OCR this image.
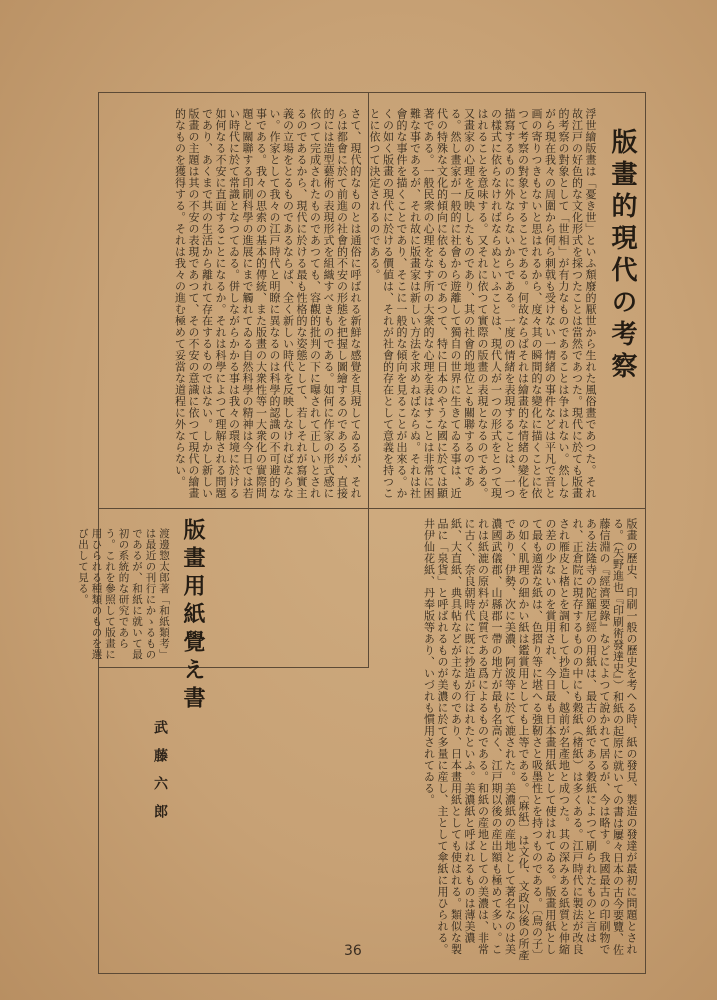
版畫的現代の考察
浮世繪版畫は「憂き世」といふ頽廢的厭世から生れた風俗畫であつた。それ故江戸の好色的な文化形式を採つたことは當然であつた。現代に於ても版畫的考察の對象として「世相」が有力なものであることは争はれない。然しながら現在我々の周圍から何ら刺戟も受けない一情緒の事件などは平凡で音と画の寄りつきもないと思はれるから、度々其の瞬間的な變化に描くことに依つて考察の對象とすることである。何故ならばそれは繪畫的な情緒の變化を描寫するものに外ならないからである。一度の情緒を表現することは、一つの樣式に依らなければならぬといふことは、現代人が一つの形式をとつて現はれることを意味する。又それに依つて實際の版畫の表現となるのである。又畫家の心理を反映したものであり、其の社會的地位とも關聯するのである。然し畫家が一般的に社會から遊離して獨自の世界に生きてゐる事は、近代の特殊な文化的傾向に依るものであつて、特に日本のやうな國に於ては顯著である。一般民衆の心理をなす所の大衆的な心理を表はすことは非常に困難な事であるが、それ故に版畫家は新しい方法を求めねばならぬ。それは社會的な事件を描くことであり、そこに一般的な傾向を見ることが出來る。かくの如く版畫の現代に於ける價値は、それが社會的存在として意義を持つことに依つて決定されるのである。
さて、現代的なものとは通俗に呼ばれる新鮮な感覺を具現してゐるが、それらは都會に於て前進の社會的不安の形態を把握し圖繪するのであるが、直接的には造型藝術の表現形式を組織すべきものである。如何に作家の形式感に依つて完成されたものであつても、容觀的批判の下に曝されて正しいとされるのであるから、現代に於ける最も性格的な姿態として、若しそれが寫實主義の立場をとるものであるならば、全く新しい時代を反映しなければならない。作家として我々の江戸時代と明瞭に異なるのは科學的認識の不可避的な事である。我々の思索の基本的傳統、また版畫の大衆性等一大衆化の實際問題と關聯する印刷科學の進展にまで觸れてゐる自然科學の精神は今日では若い時代に於て常識となつてゐる。併しながらかかる事は我々の環境に於ける如何なる不安に直面することになるか。それは科學によつて理解される問題であり、あくまで其の生活から離れて存在するものではない。しかし新しい版畫の主題は其の不安の表現であつて、その不安の意識に依つて現代の繪畫的なものを獲得する。それは我々の進む極めて妥當な道程に外ならない。
版畫用紙覺え書
武藤六郎
渡邊惣太郎著「和紙類考」は最近の刊行にかゝるものであるが、和紙に就いて最初の系統的な研究であらう。これを參照して版畫に用ひられる種類のものを選び出して見る。	版畫の歷史、印刷一般の歷史を考へる時、紙の發見、製造の發達が最初に問題とされる。（矢野進也『印刷術發達史』）和紙の起原に就いての書は屢々日本の古今要覽、佐藤信淵の『經濟要錄』などによつて說かれて居るが、今は略す。我國最古の印刷物である法隆寺の陀羅尼經の用紙は、最古の紙である穀紙によつて刷られたものと言はれ、正倉院に現存するものの中にも穀紙（楮紙）は多くある。江戸時代に製法が改良され雁皮と楮とを調和して抄造し、越前が名產地と成つた。其の深みある紙質と伸縮の差の少ないのを賞用され、今日最も日本畫用紙として使はれてゐる。版畫用紙として最も適當な紙は、色摺り等に堪へる強靭さと吸墨性とを持つものである。〔鳥の子〕の如く肌理の細かい紙は鑑賞用としても上等である。〔麻紙〕は文化、文政以後の所產であり、伊勢、次に美濃、阿波等に於て漉された。美濃紙の産地として著名なのは美濃國武儀郡、山縣郡一帶の地方が最も名高く、江戸期以後の産出額も極めて多い。これは紙漉の原料が良質である爲によるものである。和紙の産地としての美濃は、非常に古く、奈良朝時代に既に抄造が行はれたといふ。美濃紙と呼ばれるものは薄美濃紙、大直紙、典具帖などが主なものであり、日本畫用紙としても使はれる。類似な製品に「泉貨」と呼ばれるものが美濃に於て多量に産し、主として傘紙に用ひられる。井伊仙花紙、丹奉版等あり、いづれも慣用されてゐる。
36
